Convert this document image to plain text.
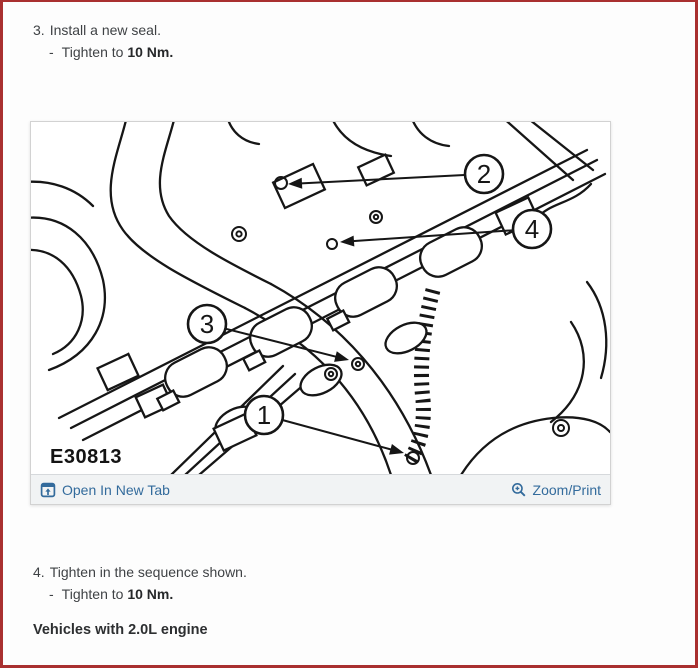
3. Install a new seal.
- Tighten to 10 Nm.
1
2
3
4
E30813
Open In New Tab	Zoom/Print
4. Tighten in the sequence shown.
- Tighten to 10 Nm.
Vehicles with 2.0L engine
